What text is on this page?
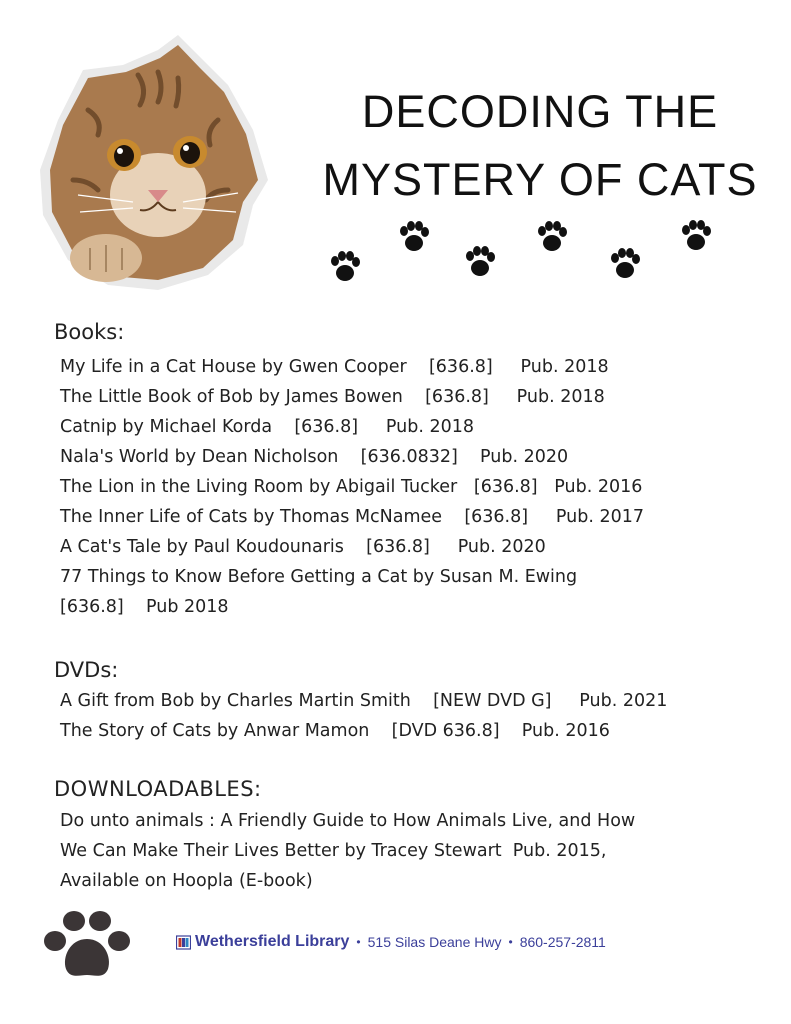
DECODING THE
MYSTERY OF CATS
Books:
My Life in a Cat House by Gwen Cooper    [636.8]     Pub. 2018
The Little Book of Bob by James Bowen    [636.8]     Pub. 2018
Catnip by Michael Korda    [636.8]     Pub. 2018
Nala's World by Dean Nicholson    [636.0832]    Pub. 2020
The Lion in the Living Room by Abigail Tucker   [636.8]   Pub. 2016
The Inner Life of Cats by Thomas McNamee    [636.8]     Pub. 2017
A Cat's Tale by Paul Koudounaris    [636.8]     Pub. 2020
77 Things to Know Before Getting a Cat by Susan M. Ewing
[636.8]    Pub 2018
DVDs:
A Gift from Bob by Charles Martin Smith    [NEW DVD G]     Pub. 2021
The Story of Cats by Anwar Mamon    [DVD 636.8]    Pub. 2016
DOWNLOADABLES:
Do unto animals : A Friendly Guide to How Animals Live, and How
We Can Make Their Lives Better by Tracey Stewart  Pub. 2015,
Available on Hoopla (E-book)
Wethersfield Library • 515 Silas Deane Hwy • 860-257-2811
